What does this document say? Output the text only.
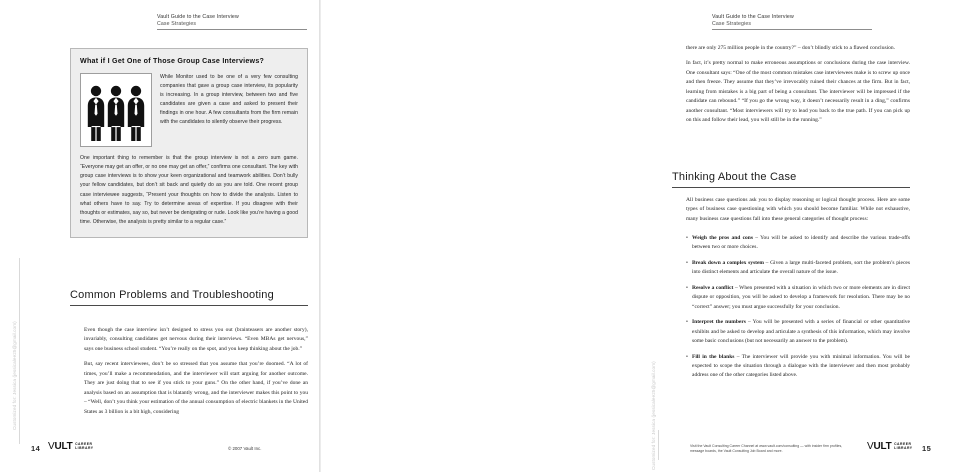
Vault Guide to the Case Interview
Case Strategies
What if I Get One of Those Group Case Interviews?
While Monitor used to be one of a very few consulting companies that gave a group case interview, its popularity is increasing. In a group interview, between two and five candidates are given a case and asked to present their findings in one hour. A few consultants from the firm remain with the candidates to silently observe their progress.
One important thing to remember is that the group interview is not a zero sum game. “Everyone may get an offer, or no one may get an offer,” confirms one consultant. The key with group case interviews is to show your keen organizational and teamwork abilities. Don’t bully your fellow candidates, but don’t sit back and quietly do as you are told. One recent group case interviewee suggests, “Present your thoughts on how to divide the analysis. Listen to what others have to say. Try to determine areas of expertise. If you disagree with their thoughts or estimates, say so, but never be denigrating or rude. Look like you’re having a good time. Otherwise, the analysis is pretty similar to a regular case.”
Common Problems and Troubleshooting

Even though the case interview isn’t designed to stress you out (brainteasers are another story), invariably, consulting candidates get nervous during their interviews. “Even MBAs get nervous,” says one business school student. “You’re really on the spot, and you keep thinking about the job.”

But, say recent interviewees, don’t be so stressed that you assume that you’re doomed. “A lot of times, you’ll make a recommendation, and the interviewer will start arguing for another outcome. They are just doing that to see if you stick to your guns.” On the other hand, if you’ve done an analysis based on an assumption that is blatantly wrong, and the interviewer makes this point to you – “Well, don’t you think your estimation of the annual consumption of electric blankets in the United States as 3 billion is a bit high, considering

14 VULT CAREER
LIBRARY	© 2007 Vault Inc.
Customized for: Jessica (jessicalee25@gmail.com)
Vault Guide to the Case Interview
Case Strategies

there are only 275 million people in the country?” – don’t blindly stick to a flawed conclusion.

In fact, it’s pretty normal to make erroneous assumptions or conclusions during the case interview. One consultant says: “One of the most common mistakes case interviewees make is to screw up once and then freeze. They assume that they’ve irrevocably ruined their chances at the firm. But in fact, learning from mistakes is a big part of being a consultant. The interviewer will be impressed if the candidate can rebound.” “If you go the wrong way, it doesn’t necessarily result in a ding,” confirms another consultant. “Most interviewers will try to lead you back to the true path. If you can pick up on this and follow their lead, you will still be in the running.”

Thinking About the Case

All business case questions ask you to display reasoning or logical thought process. Here are some types of business case questioning with which you should become familiar. While not exhaustive, many business case questions fall into these general categories of thought process:

• Weigh the pros and cons – You will be asked to identify and describe the various trade-offs between two or more choices.
• Break down a complex system – Given a large multi-faceted problem, sort the problem’s pieces into distinct elements and articulate the overall nature of the issue.
• Resolve a conflict – When presented with a situation in which two or more elements are in direct dispute or opposition, you will be asked to develop a framework for resolution. There may be no “correct” answer; you must argue successfully for your conclusion.
• Interpret the numbers – You will be presented with a series of financial or other quantitative exhibits and be asked to develop and articulate a synthesis of this information, which may involve some basic conclusions (but not necessarily an answer to the problem).
• Fill in the blanks – The interviewer will provide you with minimal information. You will be expected to scope the situation through a dialogue with the interviewer and then most probably address one of the other categories listed above.
Visit the Vault Consulting Career Channel at www.vault.com/consulting — with insider firm profiles, message boards, the Vault Consulting Job Board and more.	VULT CAREER
LIBRARY 15
Customized for: Jessica (jessicalee25@gmail.com)
